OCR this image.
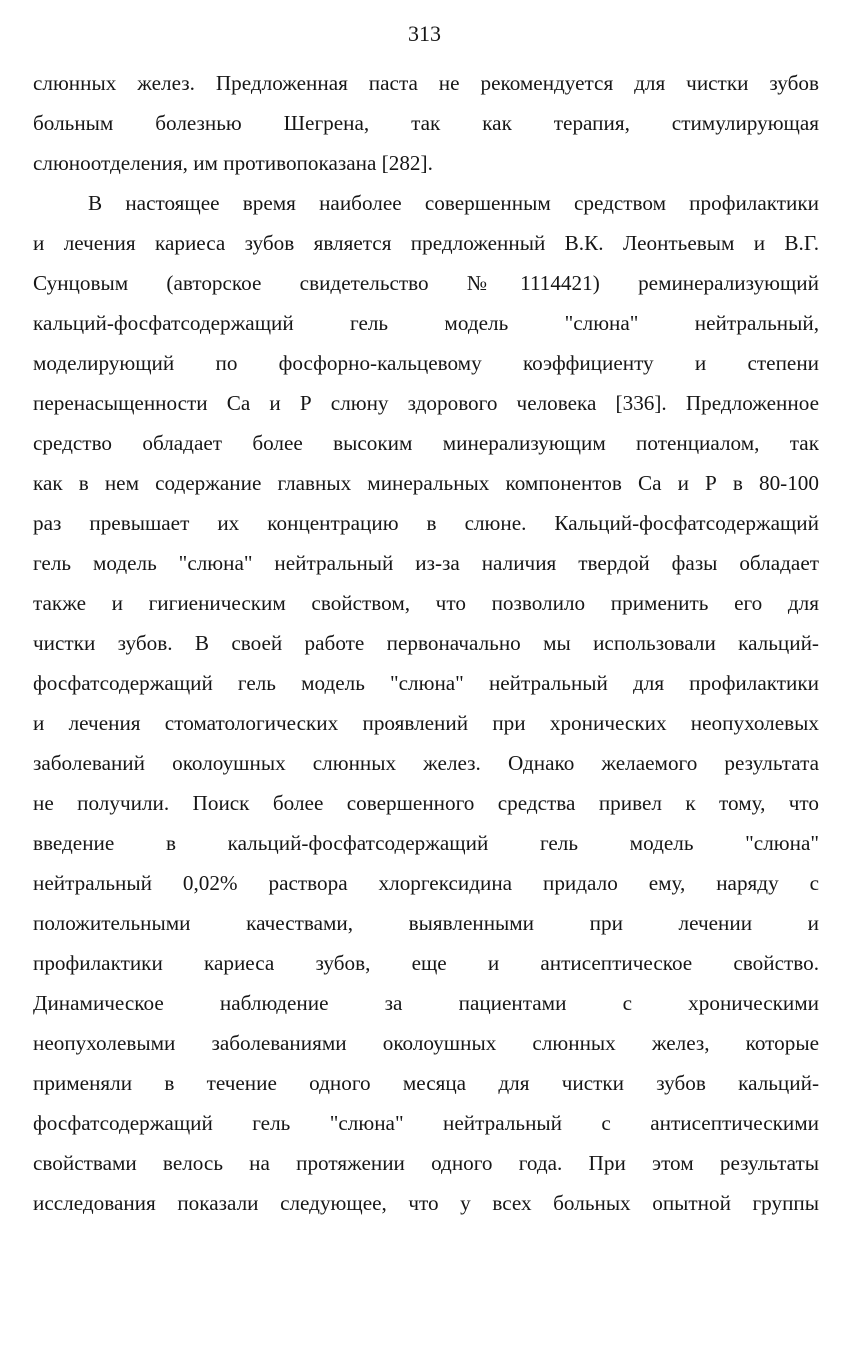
313
слюнных желез. Предложенная паста не рекомендуется для чистки зубов
больным болезнью Шегрена, так как терапия, стимулирующая
слюноотделения, им противопоказана [282].
В настоящее время наиболее совершенным средством профилактики
и лечения кариеса зубов является предложенный В.К. Леонтьевым и В.Г.
Сунцовым (авторское свидетельство №1114421) реминерализующий
кальций-фосфатсодержащий гель модель "слюна" нейтральный,
моделирующий по фосфорно-кальцевому коэффициенту и степени
перенасыщенности Са и Р слюну здорового человека [336]. Предложенное
средство обладает более высоким минерализующим потенциалом, так
как в нем содержание главных минеральных компонентов Са и Р в 80-100
раз превышает их концентрацию в слюне. Кальций-фосфатсодержащий
гель модель "слюна" нейтральный из-за наличия твердой фазы обладает
также и гигиеническим свойством, что позволило применить его для
чистки зубов. В своей работе первоначально мы использовали кальций-
фосфатсодержащий гель модель "слюна" нейтральный для профилактики
и лечения стоматологических проявлений при хронических неопухолевых
заболеваний околоушных слюнных желез. Однако желаемого результата
не получили. Поиск более совершенного средства привел к тому, что
введение в кальций-фосфатсодержащий гель модель "слюна"
нейтральный 0,02% раствора хлоргексидина придало ему, наряду с
положительными качествами, выявленными при лечении и
профилактики кариеса зубов, еще и антисептическое свойство.
Динамическое наблюдение за пациентами с хроническими
неопухолевыми заболеваниями околоушных слюнных желез, которые
применяли в течение одного месяца для чистки зубов кальций-
фосфатсодержащий гель "слюна" нейтральный с антисептическими
свойствами велось на протяжении одного года. При этом результаты
исследования показали следующее, что у всех больных опытной группы
